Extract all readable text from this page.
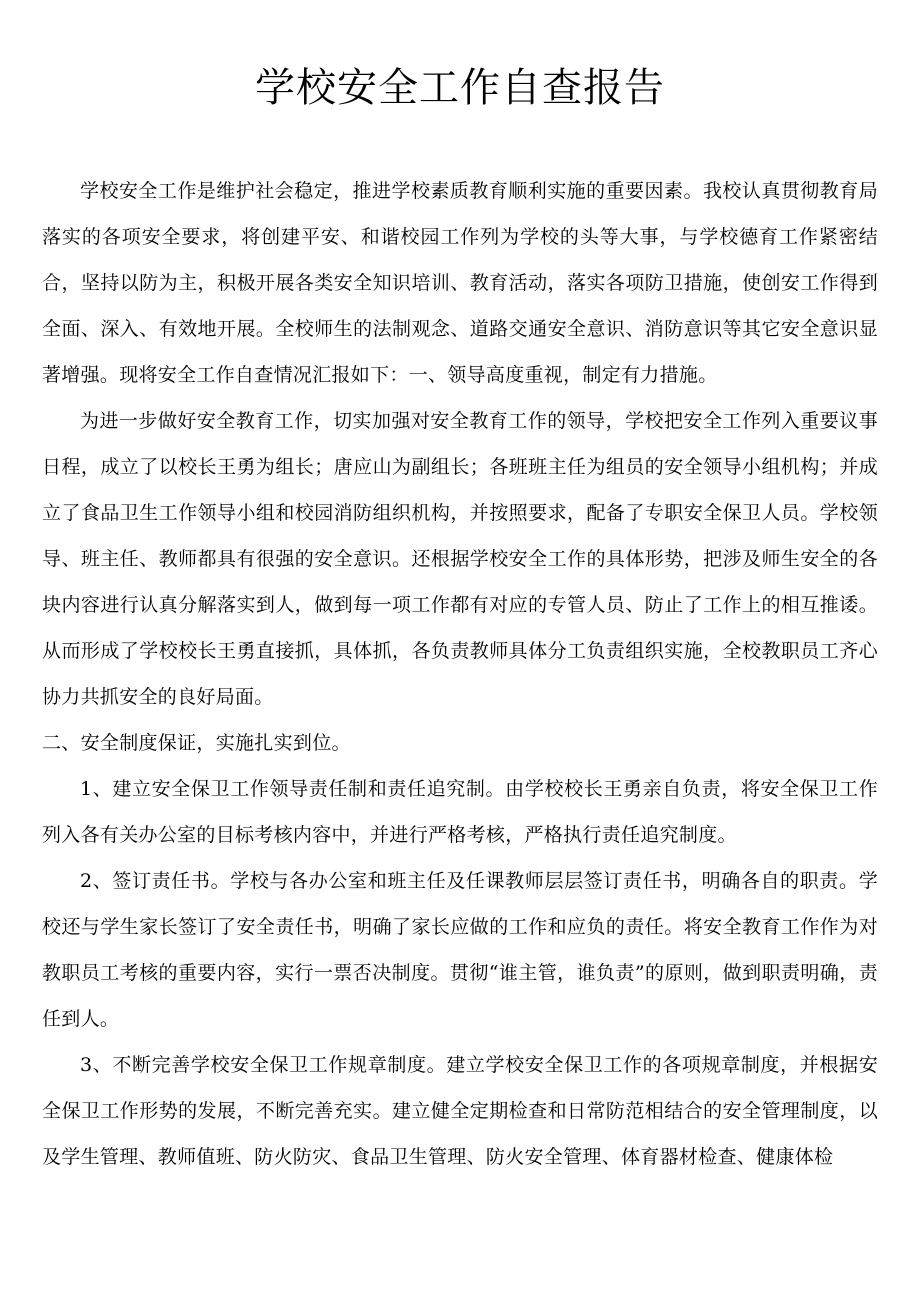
学校安全工作自查报告

学校安全工作是维护社会稳定，推进学校素质教育顺利实施的重要因素。我校认真贯彻教育局落实的各项安全要求，将创建平安、和谐校园工作列为学校的头等大事，与学校德育工作紧密结合，坚持以防为主，积极开展各类安全知识培训、教育活动，落实各项防卫措施，使创安工作得到全面、深入、有效地开展。全校师生的法制观念、道路交通安全意识、消防意识等其它安全意识显著增强。现将安全工作自查情况汇报如下：一、领导高度重视，制定有力措施。

为进一步做好安全教育工作，切实加强对安全教育工作的领导，学校把安全工作列入重要议事日程，成立了以校长王勇为组长；唐应山为副组长；各班班主任为组员的安全领导小组机构；并成立了食品卫生工作领导小组和校园消防组织机构，并按照要求，配备了专职安全保卫人员。学校领导、班主任、教师都具有很强的安全意识。还根据学校安全工作的具体形势，把涉及师生安全的各块内容进行认真分解落实到人，做到每一项工作都有对应的专管人员、防止了工作上的相互推诿。从而形成了学校校长王勇直接抓，具体抓，各负责教师具体分工负责组织实施，全校教职员工齐心协力共抓安全的良好局面。

二、安全制度保证，实施扎实到位。

1、建立安全保卫工作领导责任制和责任追究制。由学校校长王勇亲自负责，将安全保卫工作列入各有关办公室的目标考核内容中，并进行严格考核，严格执行责任追究制度。

2、签订责任书。学校与各办公室和班主任及任课教师层层签订责任书，明确各自的职责。学校还与学生家长签订了安全责任书，明确了家长应做的工作和应负的责任。将安全教育工作作为对教职员工考核的重要内容，实行一票否决制度。贯彻“谁主管，谁负责”的原则，做到职责明确，责任到人。

3、不断完善学校安全保卫工作规章制度。建立学校安全保卫工作的各项规章制度，并根据安全保卫工作形势的发展，不断完善充实。建立健全定期检查和日常防范相结合的安全管理制度，以及学生管理、教师值班、防火防灾、食品卫生管理、防火安全管理、体育器材检查、健康体检
